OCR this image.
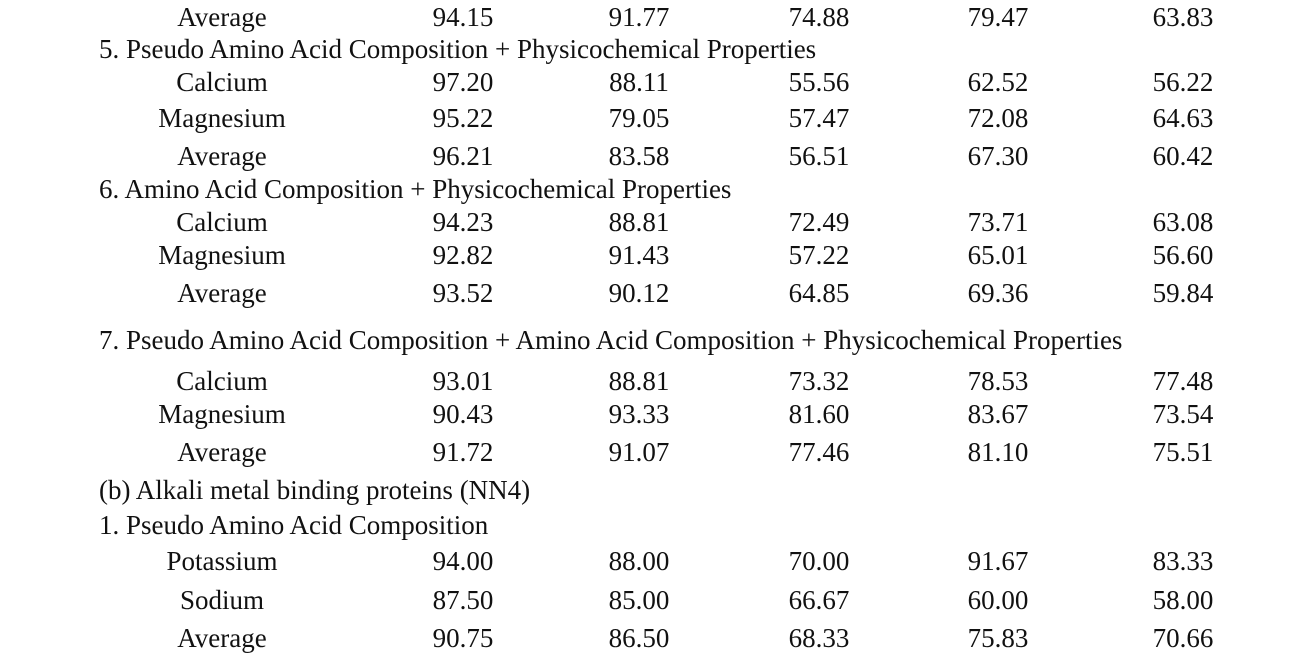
Average	94.15	91.77	74.88	79.47	63.83
5. Pseudo Amino Acid Composition + Physicochemical Properties
Calcium	97.20	88.11	55.56	62.52	56.22
Magnesium	95.22	79.05	57.47	72.08	64.63
Average	96.21	83.58	56.51	67.30	60.42
6. Amino Acid Composition + Physicochemical Properties
Calcium	94.23	88.81	72.49	73.71	63.08
Magnesium	92.82	91.43	57.22	65.01	56.60
Average	93.52	90.12	64.85	69.36	59.84
7. Pseudo Amino Acid Composition + Amino Acid Composition + Physicochemical Properties
Calcium	93.01	88.81	73.32	78.53	77.48
Magnesium	90.43	93.33	81.60	83.67	73.54
Average	91.72	91.07	77.46	81.10	75.51
(b) Alkali metal binding proteins (NN4)
1. Pseudo Amino Acid Composition
Potassium	94.00	88.00	70.00	91.67	83.33
Sodium	87.50	85.00	66.67	60.00	58.00
Average	90.75	86.50	68.33	75.83	70.66
